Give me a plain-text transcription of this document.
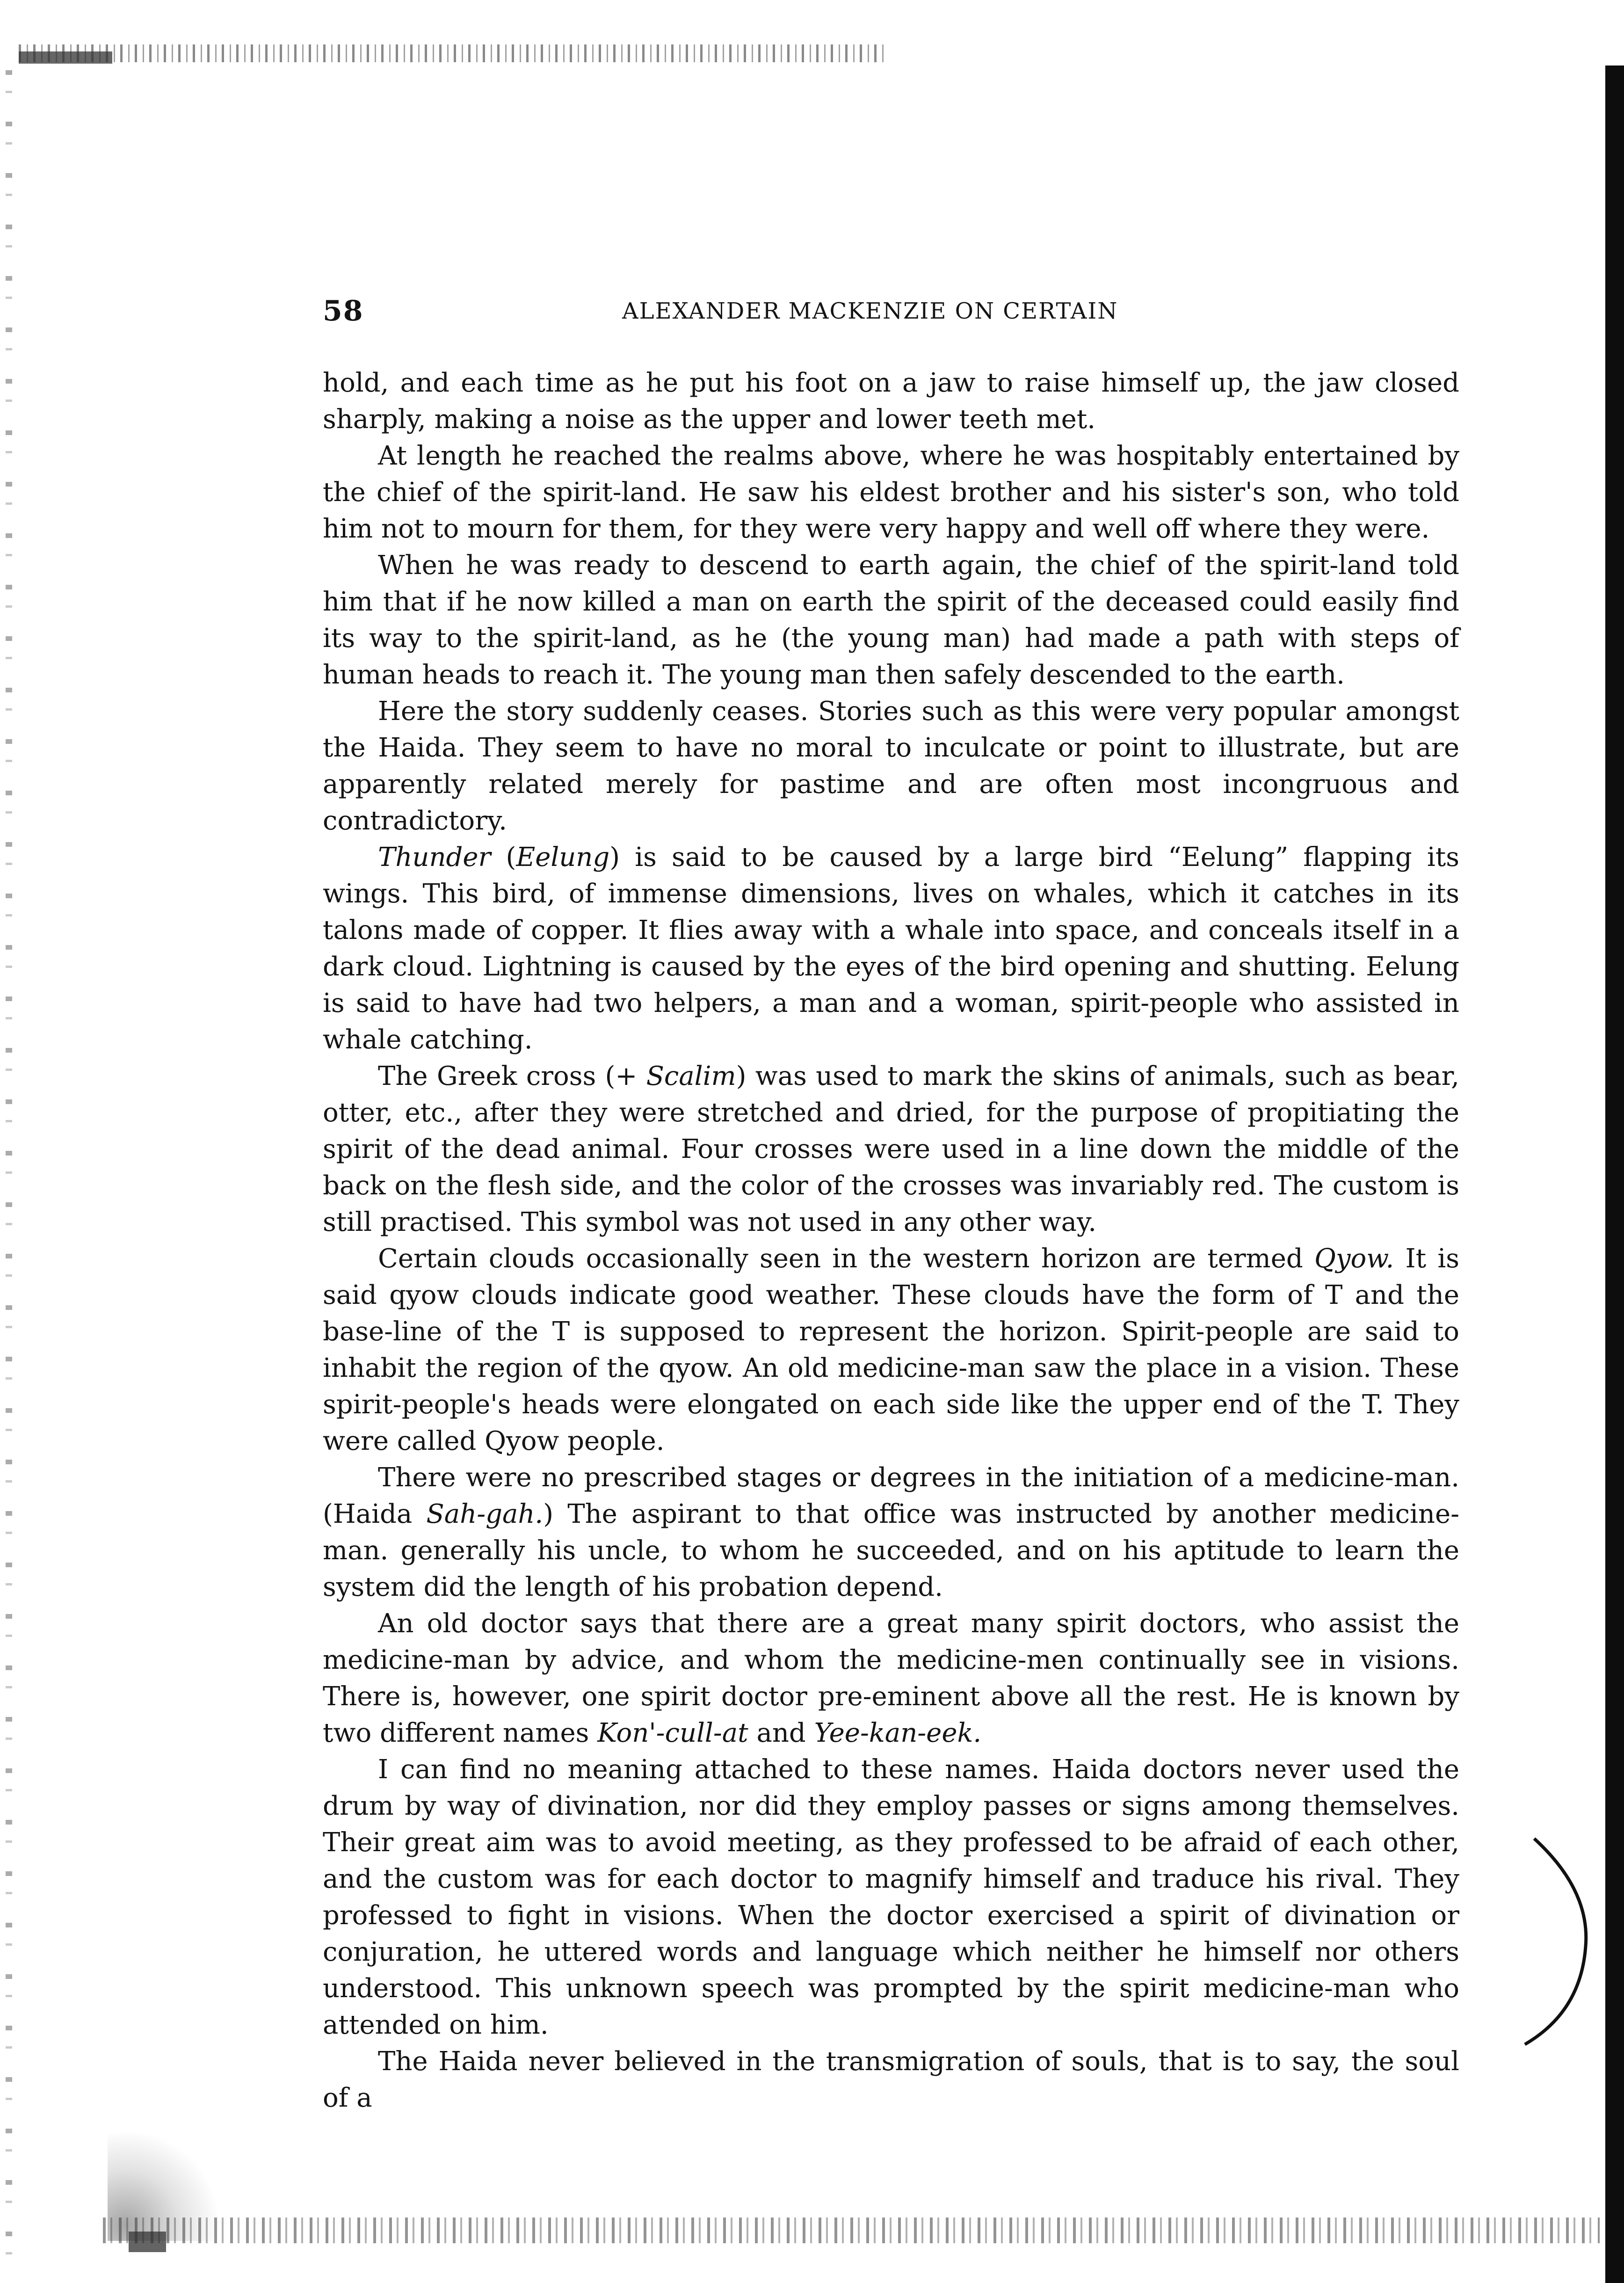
58	ALEXANDER MACKENZIE ON CERTAIN

hold, and each time as he put his foot on a jaw to raise himself up, the jaw closed sharply, making a noise as the upper and lower teeth met.

At length he reached the realms above, where he was hospitably entertained by the chief of the spirit-land. He saw his eldest brother and his sister's son, who told him not to mourn for them, for they were very happy and well off where they were.

When he was ready to descend to earth again, the chief of the spirit-land told him that if he now killed a man on earth the spirit of the deceased could easily find its way to the spirit-land, as he (the young man) had made a path with steps of human heads to reach it. The young man then safely descended to the earth.

Here the story suddenly ceases. Stories such as this were very popular amongst the Haida. They seem to have no moral to inculcate or point to illustrate, but are apparently related merely for pastime and are often most incongruous and contradictory.

Thunder (Eelung) is said to be caused by a large bird “Eelung” flapping its wings. This bird, of immense dimensions, lives on whales, which it catches in its talons made of copper. It flies away with a whale into space, and conceals itself in a dark cloud. Lightning is caused by the eyes of the bird opening and shutting. Eelung is said to have had two helpers, a man and a woman, spirit-people who assisted in whale catching.

The Greek cross (+ Scalim) was used to mark the skins of animals, such as bear, otter, etc., after they were stretched and dried, for the purpose of propitiating the spirit of the dead animal. Four crosses were used in a line down the middle of the back on the flesh side, and the color of the crosses was invariably red. The custom is still practised. This symbol was not used in any other way.

Certain clouds occasionally seen in the western horizon are termed Qyow. It is said qyow clouds indicate good weather. These clouds have the form of T and the base-line of the T is supposed to represent the horizon. Spirit-people are said to inhabit the region of the qyow. An old medicine-man saw the place in a vision. These spirit-people's heads were elongated on each side like the upper end of the T. They were called Qyow people.

There were no prescribed stages or degrees in the initiation of a medicine-man. (Haida Sah-gah.) The aspirant to that office was instructed by another medicine-man. generally his uncle, to whom he succeeded, and on his aptitude to learn the system did the length of his probation depend.

An old doctor says that there are a great many spirit doctors, who assist the medicine-man by advice, and whom the medicine-men continually see in visions. There is, however, one spirit doctor pre-eminent above all the rest. He is known by two different names Kon'-cull-at and Yee-kan-eek.

I can find no meaning attached to these names. Haida doctors never used the drum by way of divination, nor did they employ passes or signs among themselves. Their great aim was to avoid meeting, as they professed to be afraid of each other, and the custom was for each doctor to magnify himself and traduce his rival. They professed to fight in visions. When the doctor exercised a spirit of divination or conjuration, he uttered words and language which neither he himself nor others understood. This unknown speech was prompted by the spirit medicine-man who attended on him.

The Haida never believed in the transmigration of souls, that is to say, the soul of a
